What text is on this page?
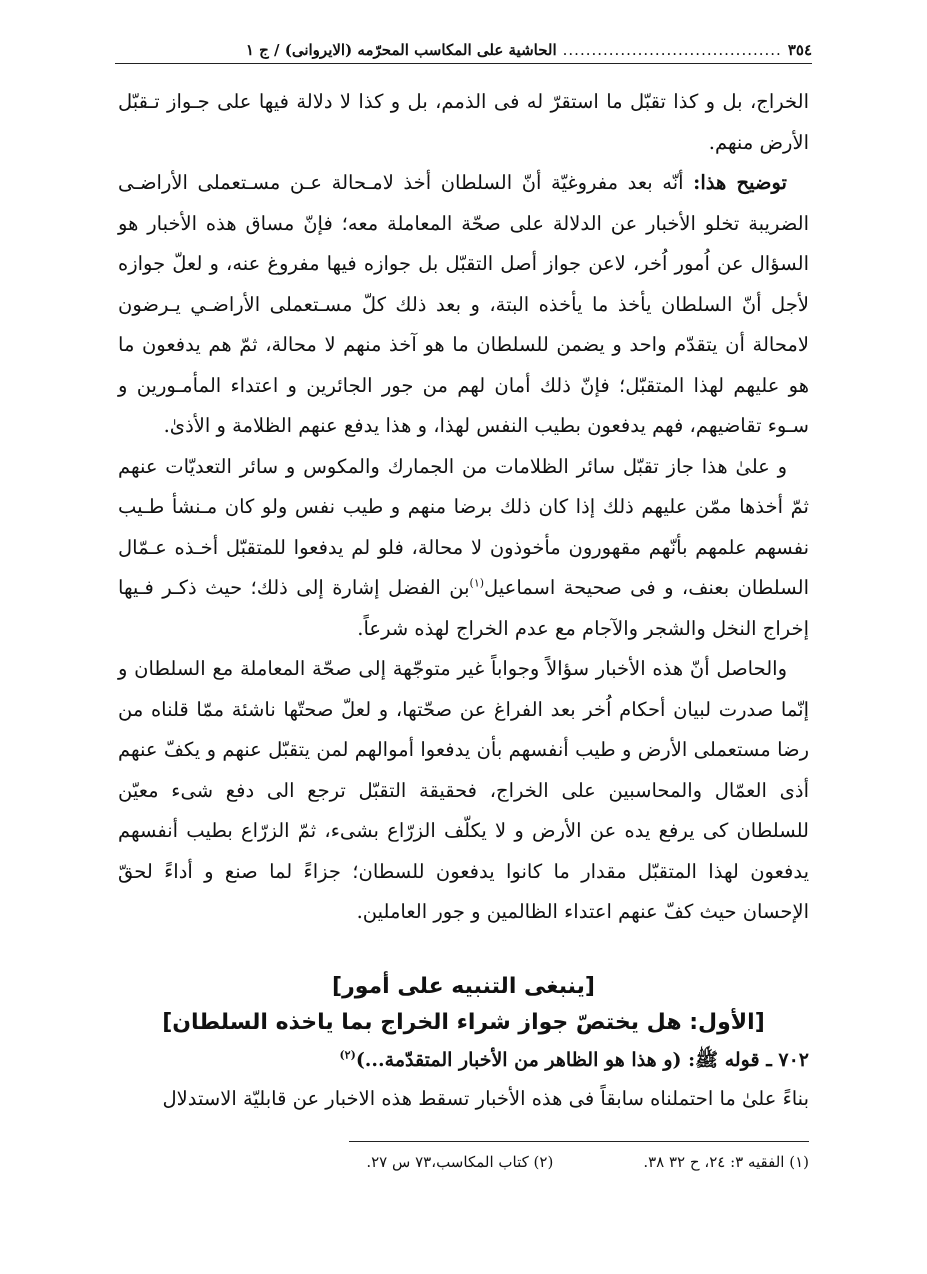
٣٥٤
......................................
الحاشية على المكاسب المحرّمه (الايروانى) / ج ١

الخراج، بل و كذا تقبّل ما استقرّ له فى الذمم، بل و كذا لا دلالة فيها على جـواز تـقبّل الأرض منهم.

توضيح هذا: أنّه بعد مفروغيّة أنّ السلطان أخذ لامـحالة عـن مسـتعملى الأراضـى الضريبة تخلو الأخبار عن الدلالة على صحّة المعاملة معه؛ فإنّ مساق هذه الأخبار هو السؤال عن اُمور اُخر، لاعن جواز أصل التقبّل بل جوازه فيها مفروغ عنه، و لعلّ جوازه لأجل أنّ السلطان يأخذ ما يأخذه البتة، و بعد ذلك كلّ مسـتعملى الأراضـي يـرضون لامحالة أن يتقدّم واحد و يضمن للسلطان ما هو آخذ منهم لا محالة، ثمّ هم يدفعون ما هو عليهم لهذا المتقبّل؛ فإنّ ذلك أمان لهم من جور الجائرين و اعتداء المأمـورين و سـوء تقاضيهم، فهم يدفعون بطيب النفس لهذا، و هذا يدفع عنهم الظلامة و الأذىٰ.

و علىٰ هذا جاز تقبّل سائر الظلامات من الجمارك والمكوس و سائر التعديّات عنهم ثمّ أخذها ممّن عليهم ذلك إذا كان ذلك برضا منهم و طيب نفس ولو كان مـنشأ طـيب نفسهم علمهم بأنّهم مقهورون مأخوذون لا محالة، فلو لم يدفعوا للمتقبّل أخـذه عـمّال السلطان بعنف، و فى صحيحة اسماعيل$^{(١)}$بن الفضل إشارة إلى ذلك؛ حيث ذكـر فـيها إخراج النخل والشجر والآجام مع عدم الخراج لهذه شرعاً.

والحاصل أنّ هذه الأخبار سؤالاً وجواباً غير متوجّهة إلى صحّة المعاملة مع السلطان و إنّما صدرت لبيان أحكام اُخر بعد الفراغ عن صحّتها، و لعلّ صحتّها ناشئة ممّا قلناه من رضا مستعملى الأرض و طيب أنفسهم بأن يدفعوا أموالهم لمن يتقبّل عنهم و يكفّ عنهم أذى العمّال والمحاسبين على الخراج، فحقيقة التقبّل ترجع الى دفع شىء معيّن للسلطان كى يرفع يده عن الأرض و لا يكلّف الزرّاع بشىء، ثمّ الزرّاع بطيب أنفسهم يدفعون لهذا المتقبّل مقدار ما كانوا يدفعون للسطان؛ جزاءً لما صنع و أداءً لحقّ الإحسان حيث كفّ عنهم اعتداء الظالمين و جور العاملين.

[ينبغى التنبيه على أمور]
[الأول: هل يختصّ جواز شراء الخراج بما ياخذه السلطان]
٧٠٢ ـ قوله ﷺ: (و هذا هو الظاهر من الأخبار المتقدّمة...)$^{(٢)}$

بناءً علىٰ ما احتملناه سابقاً فى هذه الأخبار تسقط هذه الاخبار عن قابليّة الاستدلال

(١) الفقيه ٣: ٢٤، ح ٣٢ ٣٨.
(٢) كتاب المكاسب،٧٣ س ٢٧.
